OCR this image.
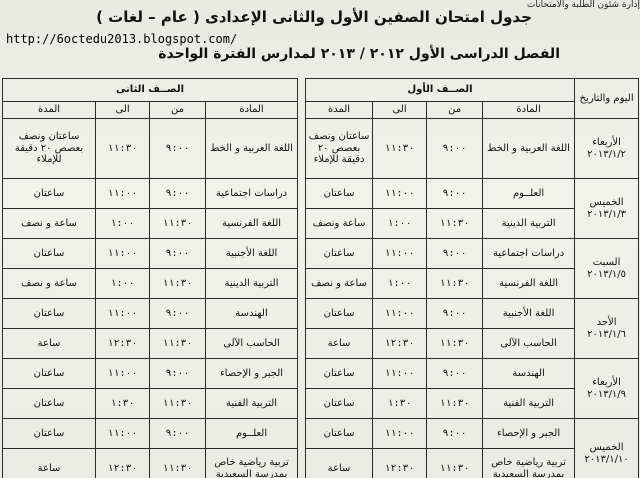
إدارة شئون الطلبة والامتحانات
جدول امتحان الصفين الأول والثانى الإعدادى ( عام – لغات )
http://6octedu2013.blogspot.com/
الفصل الدراسى الأول ٢٠١٢ / ٢٠١٣ لمدارس الفترة الواحدة
اليوم والتاريخ	الصــف الأول					الصــف الثانى			
	المادة	من	الى	المدة		المادة	من	الى	المدة

الأربعاء
٢٠١٣/١/٢	اللغة العربية و الخط	٩:٠٠	١١:٣٠	ساعتان ونصف بعصص ٢٠ دقيقة للإملاء		اللغة العربية و الخط	٩:٠٠	١١:٣٠	ساعتان ونصف بعصص ٢٠ دقيقة للإملاء

الخميس
٢٠١٣/١/٣	العلــوم	٩:٠٠	١١:٠٠	ساعتان		دراسات اجتماعية	٩:٠٠	١١:٠٠	ساعتان
	التربية الدينية	١١:٣٠	١:٠٠	ساعة ونصف		اللغة الفرنسية	١١:٣٠	١:٠٠	ساعة و نصف

السبت
٢٠١٣/١/٥	دراسات اجتماعية	٩:٠٠	١١:٠٠	ساعتان		اللغة الأجنبية	٩:٠٠	١١:٠٠	ساعتان
	اللغة الفرنسية	١١:٣٠	١:٠٠	ساعة و نصف		التربية الدينية	١١:٣٠	١:٠٠	ساعة و نصف

الأحد
٢٠١٣/١/٦	اللغة الأجنبية	٩:٠٠	١١:٠٠	ساعتان		الهندسة	٩:٠٠	١١:٠٠	ساعتان
	الحاسب الآلى	١١:٣٠	١٢:٣٠	ساعة		الحاسب الآلى	١١:٣٠	١٢:٣٠	ساعة

الأربعاء
٢٠١٣/١/٩	الهندسة	٩:٠٠	١١:٠٠	ساعتان		الجبر و الإحصاء	٩:٠٠	١١:٠٠	ساعتان
	التربية الفنية	١١:٣٠	١:٣٠	ساعتان		التربية الفنية	١١:٣٠	١:٣٠	ساعتان

الخميس
٢٠١٣/١/١٠	الجبر و الإحصاء	٩:٠٠	١١:٠٠	ساعتان		العلــوم	٩:٠٠	١١:٠٠	ساعتان
	تربية رياضية خاص بمدرسة السعيدية	١١:٣٠	١٢:٣٠	ساعة		تربية رياضية خاص بمدرسة السعيدية	١١:٣٠	١٢:٣٠	ساعة
